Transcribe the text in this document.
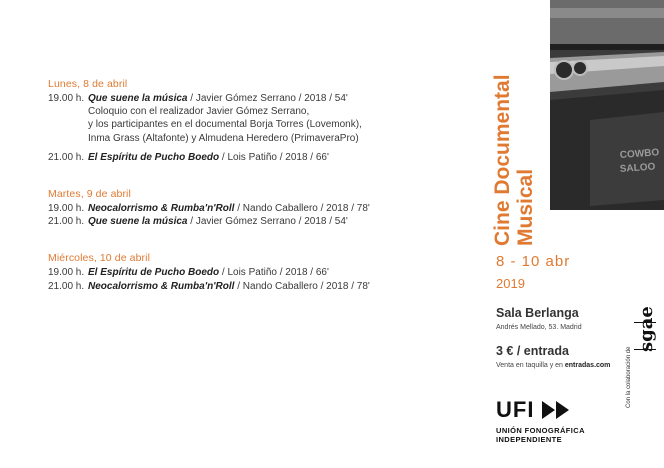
Lunes, 8 de abril
19.00 h. Que suene la música / Javier Gómez Serrano / 2018 / 54'
Coloquio con el realizador Javier Gómez Serrano,
y los participantes en el documental Borja Torres (Lovemonk),
Inma Grass (Altafonte) y Almudena Heredero (PrimaveraPro)
21.00 h. El Espíritu de Pucho Boedo / Lois Patiño / 2018 / 66'
Martes, 9 de abril
19.00 h. Neocalorrismo & Rumba'n'Roll / Nando Caballero / 2018 / 78'
21.00 h. Que suene la música / Javier Gómez Serrano / 2018 / 54'
Miércoles, 10 de abril
19.00 h. El Espíritu de Pucho Boedo / Lois Patiño / 2018 / 66'
21.00 h. Neocalorrismo & Rumba'n'Roll / Nando Caballero / 2018 / 78'
COWBO
SALOO
Cine Documental Musical
8 - 10 abr
2019
Sala Berlanga
Andrés Mellado, 53. Madrid
3 € / entrada
Venta en taquilla y en entradas.com
UFI
UNIÓN FONOGRÁFICA
INDEPENDIENTE
Con la colaboración de
sgae
